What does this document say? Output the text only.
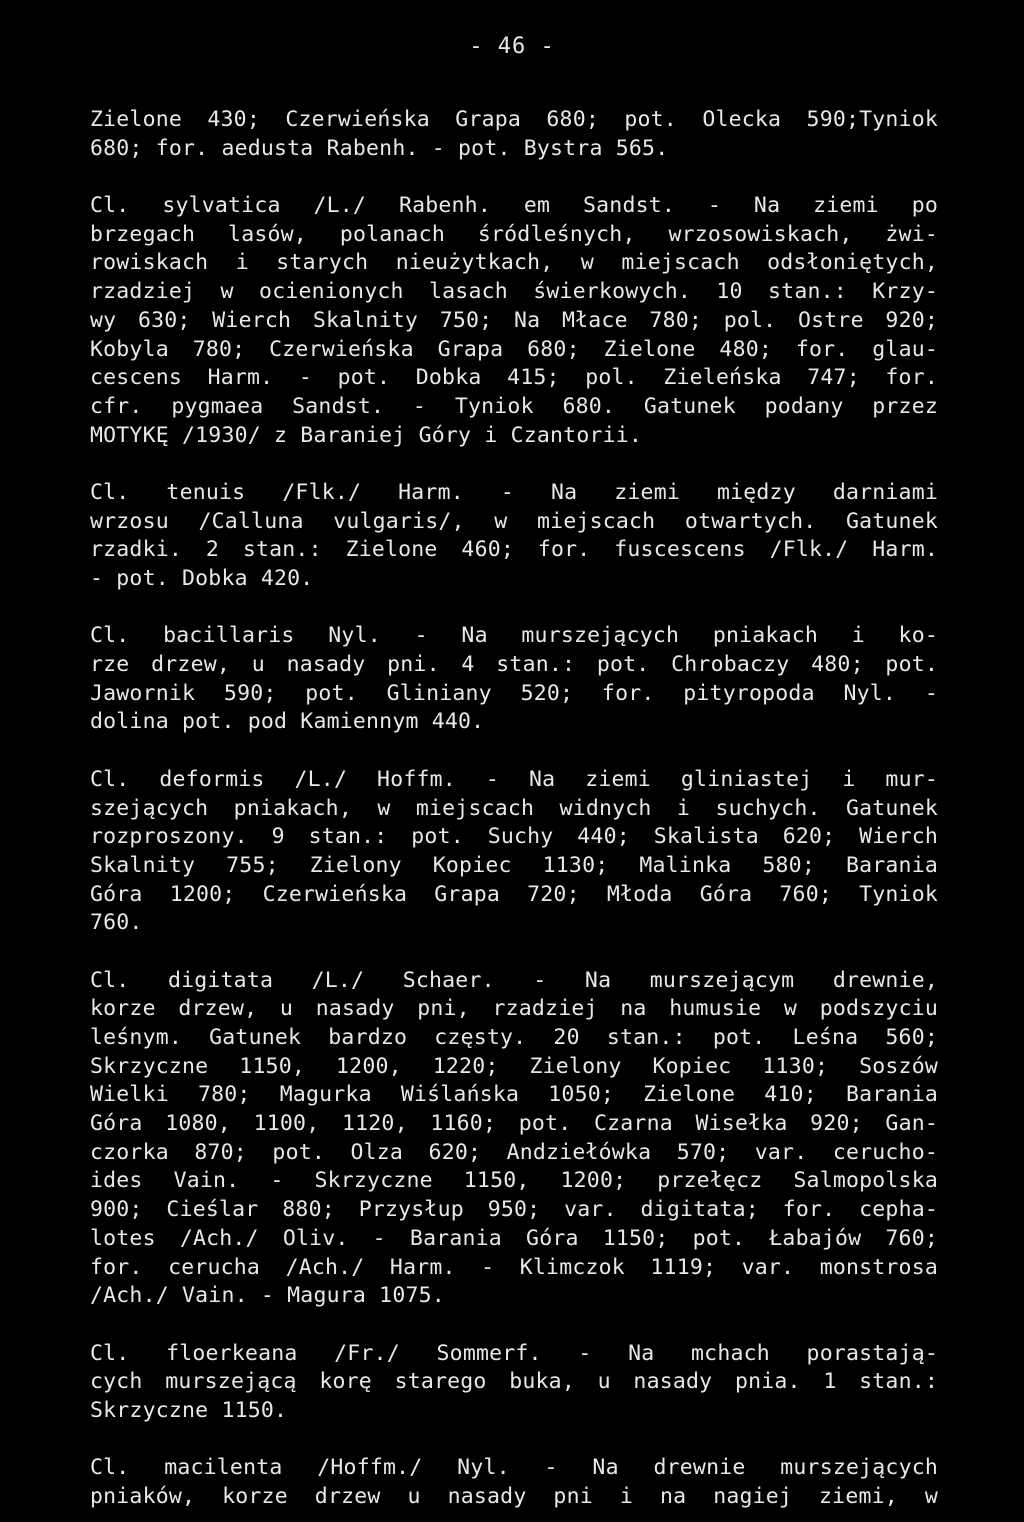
- 46 -
Zielone 430; Czerwieńska Grapa 680; pot. Olecka 590;Tyniok
680; for. aedusta Rabenh. - pot. Bystra 565.
Cl. sylvatica /L./ Rabenh. em Sandst. - Na ziemi po
brzegach lasów, polanach śródleśnych, wrzosowiskach, żwi-
rowiskach i starych nieużytkach, w miejscach odsłoniętych,
rzadziej w ocienionych lasach świerkowych. 10 stan.: Krzy-
wy 630; Wierch Skalnity 750; Na Młace 780; pol. Ostre 920;
Kobyla 780; Czerwieńska Grapa 680; Zielone 480; for. glau-
cescens Harm. - pot. Dobka 415; pol. Zieleńska 747; for.
cfr. pygmaea Sandst. - Tyniok 680. Gatunek podany przez
MOTYKĘ /1930/ z Baraniej Góry i Czantorii.
Cl. tenuis /Flk./ Harm. - Na ziemi między darniami
wrzosu /Calluna vulgaris/, w miejscach otwartych. Gatunek
rzadki. 2 stan.: Zielone 460; for. fuscescens /Flk./ Harm.
- pot. Dobka 420.
Cl. bacillaris Nyl. - Na murszejących pniakach i ko-
rze drzew, u nasady pni. 4 stan.: pot. Chrobaczy 480; pot.
Jawornik 590; pot. Gliniany 520; for. pityropoda Nyl. -
dolina pot. pod Kamiennym 440.
Cl. deformis /L./ Hoffm. - Na ziemi gliniastej i mur-
szejących pniakach, w miejscach widnych i suchych. Gatunek
rozproszony. 9 stan.: pot. Suchy 440; Skalista 620; Wierch
Skalnity 755; Zielony Kopiec 1130; Malinka 580; Barania
Góra 1200; Czerwieńska Grapa 720; Młoda Góra 760; Tyniok
760.
Cl. digitata /L./ Schaer. - Na murszejącym drewnie,
korze drzew, u nasady pni, rzadziej na humusie w podszyciu
leśnym. Gatunek bardzo częsty. 20 stan.: pot. Leśna 560;
Skrzyczne 1150, 1200, 1220; Zielony Kopiec 1130; Soszów
Wielki 780; Magurka Wiślańska 1050; Zielone 410; Barania
Góra 1080, 1100, 1120, 1160; pot. Czarna Wisełka 920; Gan-
czorka 870; pot. Olza 620; Andziełówka 570; var. ceruchо-
ides Vain. - Skrzyczne 1150, 1200; przełęcz Salmopolska
900; Cieślar 880; Przysłup 950; var. digitata; for. cepha-
lotes /Ach./ Oliv. - Barania Góra 1150; pot. Łabajów 760;
for. cerucha /Ach./ Harm. - Klimczok 1119; var. monstrosa
/Ach./ Vain. - Magura 1075.
Cl. floerkeana /Fr./ Sommerf. - Na mchach porastają-
cych murszejącą korę starego buka, u nasady pnia. 1 stan.:
Skrzyczne 1150.
Cl. macilenta /Hoffm./ Nyl. - Na drewnie murszejących
pniaków, korze drzew u nasady pni i na nagiej ziemi, w
